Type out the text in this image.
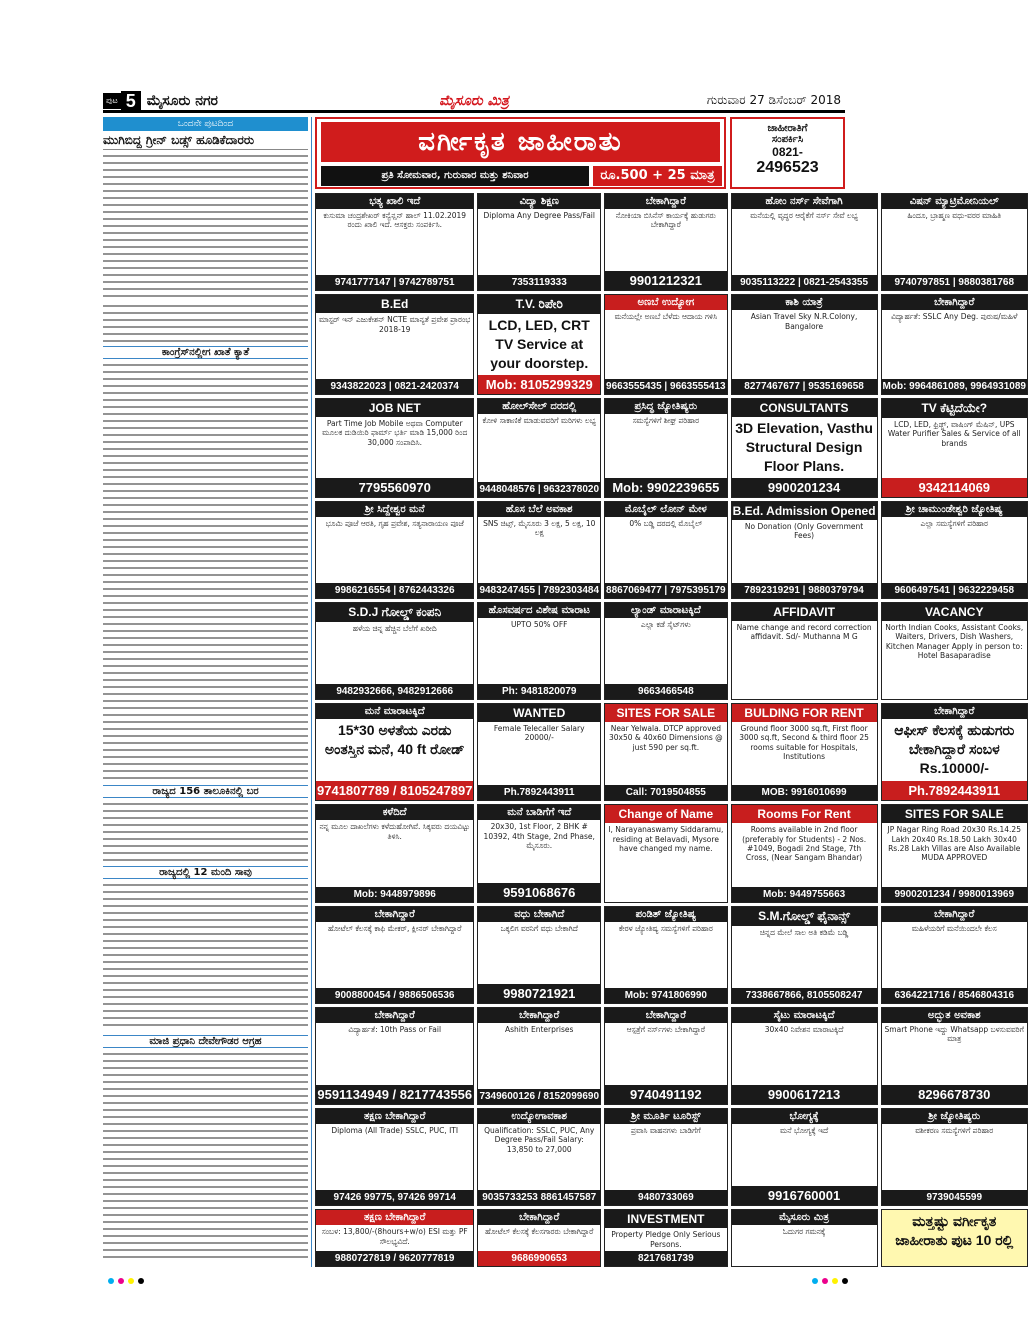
ಪುಟ 5 ಮೈಸೂರು ನಗರ	ಮೈಸೂರು ಮಿತ್ರ	ಗುರುವಾರ 27 ಡಿಸೆಂಬರ್ 2018
ಒಂದನೇ ಪುಟದಿಂದ
ಮುಗಿಬಿದ್ದ ಗ್ರೀನ್ ಬಡ್ಸ್ ಹೂಡಿಕೆದಾರರು
ಕಾಂಗ್ರೆಸ್‌ನಲ್ಲೀಗ ಖಾತೆ ಕ್ಯಾತೆ
ರಾಜ್ಯದ 156 ತಾಲೂಕಿನಲ್ಲಿ ಬರ
ರಾಜ್ಯದಲ್ಲಿ 12 ಮಂದಿ ಸಾವು
ಮಾಜಿ ಪ್ರಧಾನಿ ದೇವೇಗೌಡರ ಆಗ್ರಹ
ವರ್ಗೀಕೃತ ಜಾಹೀರಾತು
ಪ್ರತಿ ಸೋಮವಾರ, ಗುರುವಾರ ಮತ್ತು ಶನಿವಾರ	ರೂ.500 + 25 ಮಾತ್ರ
ಜಾಹೀರಾತಿಗೆ
ಸಂಪರ್ಕಿಸಿ
0821-
2496523
ಭತ್ಯ ಖಾಲಿ ಇದೆ
ಕುಸುಮಾ ಚಂದ್ರಶೇಖರ್ ಕನ್ವೆನ್ಷನ್ ಹಾಲ್ 11.02.2019 ರಂದು ಖಾಲಿ ಇದೆ. ಆಸಕ್ತರು ಸಂಪರ್ಕಿಸಿ.
9741777147 | 9742789751
ವಿದ್ಯಾ ಶಿಕ್ಷಣ
Diploma Any Degree Pass/Fail
7353119333
ಬೇಕಾಗಿದ್ದಾರೆ
ನೋಕಿಯಾ ಬಿಸಿನೆಸ್ ಕಾರ್ಯಕ್ಕೆ ಹುಡುಗರು ಬೇಕಾಗಿದ್ದಾರೆ
9901212321
ಹೋಂ ನರ್ಸ್ ಸೇವೆಗಾಗಿ
ಮನೆಯಲ್ಲಿ ವೃದ್ಧರ ಆರೈಕೆಗೆ ನರ್ಸ್ ಸೇವೆ ಲಭ್ಯ
9035113222 | 0821-2543355
ವಿಷನ್ ಮ್ಯಾಟ್ರಿಮೋನಿಯಲ್
ಹಿಂದೂ, ಬ್ರಾಹ್ಮಣ ವಧು-ವರರ ಮಾಹಿತಿ
9740797851 | 9880381768
B.Ed
ಮಾಸ್ಟರ್ ಇನ್ ಎಜುಕೇಶನ್ NCTE ಮಾನ್ಯತೆ ಪ್ರವೇಶ ಪ್ರಾರಂಭ 2018-19
9343822023 | 0821-2420374
T.V. ರಿಪೇರಿ
LCD, LED, CRT TV Service at your doorstep.
Mob: 8105299329
ಅಣಬೆ ಉದ್ಯೋಗ
ಮನೆಯಲ್ಲೇ ಅಣಬೆ ಬೆಳೆದು ಆದಾಯ ಗಳಿಸಿ
9663555435 | 9663555413
ಕಾಶಿ ಯಾತ್ರೆ
Asian Travel Sky N.R.Colony, Bangalore
8277467677 | 9535169658
ಬೇಕಾಗಿದ್ದಾರೆ
ವಿದ್ಯಾರ್ಹತೆ: SSLC Any Deg. ಪುರುಷ/ಮಹಿಳೆ
Mob: 9964861089, 9964931089
JOB NET
Part Time Job Mobile ಅಥವಾ Computer ಮೂಲಕ ದುಡಿಯಿರಿ ಫಾರ್ಮ್ ಭರ್ತಿ ಮಾಡಿ 15,000 ರಿಂದ 30,000 ಸಂಪಾದಿಸಿ.
7795560970
ಹೋಲ್‌ಸೇಲ್ ದರದಲ್ಲಿ
ಕೋಳಿ ಸಾಕಾಣಿಕೆ ಮಾಡುವವರಿಗೆ ಮರಿಗಳು ಲಭ್ಯ
9448048576 | 9632378020
ಪ್ರಸಿದ್ಧ ಜ್ಯೋತಿಷ್ಯರು
ಸಮಸ್ಯೆಗಳಿಗೆ ಶೀಘ್ರ ಪರಿಹಾರ
Mob: 9902239655
CONSULTANTS
3D Elevation, Vasthu Structural Design Floor Plans.
9900201234
TV ಕೆಟ್ಟಿದೆಯೇ?
LCD, LED, ಫ್ರಿಡ್ಜ್, ವಾಷಿಂಗ್ ಮೆಷಿನ್, UPS Water Purifier Sales & Service of all brands
9342114069
ಶ್ರೀ ಸಿದ್ದೇಶ್ವರ ಮನೆ
ಭೂಮಿ ಪೂಜೆ ಆರತಿ, ಗೃಹ ಪ್ರವೇಶ, ಸತ್ಯನಾರಾಯಣ ಪೂಜೆ
9986216554 | 8762443326
ಹೊಸ ಬೆಲೆ ಅವಕಾಶ
SNS ಚಿಟ್ಸ್, ಮೈಸೂರು 3 ಲಕ್ಷ, 5 ಲಕ್ಷ, 10 ಲಕ್ಷ
9483247455 | 7892303484
ಮೊಬೈಲ್ ಲೋನ್ ಮೇಳ
0% ಬಡ್ಡಿ ದರದಲ್ಲಿ ಮೊಬೈಲ್
8867069477 | 7975395179
B.Ed. Admission Opened
No Donation (Only Government Fees)
7892319291 | 9880379794
ಶ್ರೀ ಚಾಮುಂಡೇಶ್ವರಿ ಜ್ಯೋತಿಷ್ಯ
ಎಲ್ಲಾ ಸಮಸ್ಯೆಗಳಿಗೆ ಪರಿಹಾರ
9606497541 | 9632229458
S.D.J ಗೋಲ್ಡ್ ಕಂಪನಿ
ಹಳೆಯ ಚಿನ್ನ ಹೆಚ್ಚಿನ ಬೆಲೆಗೆ ಖರೀದಿ
9482932666, 9482912666
ಹೊಸವರ್ಷದ ವಿಶೇಷ ಮಾರಾಟ
UPTO 50% OFF
Ph: 9481820079
ಲ್ಯಾಂಡ್ ಮಾರಾಟಕ್ಕಿದೆ
ಎಲ್ಲಾ ಕಡೆ ಸೈಟ್‌ಗಳು
9663466548
AFFIDAVIT
Name change and record correction affidavit. Sd/- Muthanna M G
VACANCY
North Indian Cooks, Assistant Cooks, Waiters, Drivers, Dish Washers, Kitchen Manager Apply in person to: Hotel Basaparadise
ಮನೆ ಮಾರಾಟಕ್ಕಿದೆ
15*30 ಅಳತೆಯ ಎರಡು ಅಂತಸ್ತಿನ ಮನೆ, 40 ft ರೋಡ್
9741807789 / 8105247897
WANTED
Female Telecaller Salary 20000/-
Ph.7892443911
SITES FOR SALE
Near Yelwala. DTCP approved 30x50 & 40x60 Dimensions @ just 590 per sq.ft.
Call: 7019504855
BULDING FOR RENT
Ground floor 3000 sq.ft, First floor 3000 sq.ft, Second & third floor 25 rooms suitable for Hospitals, Institutions
MOB: 9916010699
ಬೇಕಾಗಿದ್ದಾರೆ
ಆಫೀಸ್ ಕೆಲಸಕ್ಕೆ ಹುಡುಗರು ಬೇಕಾಗಿದ್ದಾರೆ ಸಂಬಳ Rs.10000/-
Ph.7892443911
ಕಳೆದಿದೆ
ನನ್ನ ಮೂಲ ದಾಖಲೆಗಳು ಕಳೆದುಹೋಗಿವೆ. ಸಿಕ್ಕವರು ದಯವಿಟ್ಟು ತಿಳಿಸಿ.
Mob: 9448979896
ಮನೆ ಬಾಡಿಗೆಗೆ ಇದೆ
20x30, 1st Floor, 2 BHK # 10392, 4th Stage, 2nd Phase, ಮೈಸೂರು.
9591068676
Change of Name
I, Narayanaswamy Siddaramu, residing at Belavadi, Mysore have changed my name.
Rooms For Rent
Rooms available in 2nd floor (preferably for Students) - 2 Nos. #1049, Bogadi 2nd Stage, 7th Cross, (Near Sangam Bhandar)
Mob: 9449755663
SITES FOR SALE
JP Nagar Ring Road 20x30 Rs.14.25 Lakh 20x40 Rs.18.50 Lakh 30x40 Rs.28 Lakh Villas are Also Available MUDA APPROVED
9900201234 / 9980013969
ಬೇಕಾಗಿದ್ದಾರೆ
ಹೋಟೆಲ್ ಕೆಲಸಕ್ಕೆ ಕಾಫಿ ಮೇಕರ್, ಕ್ಲೀನರ್ ಬೇಕಾಗಿದ್ದಾರೆ
9008800454 / 9886506536
ವಧು ಬೇಕಾಗಿದೆ
ಒಕ್ಕಲಿಗ ವರನಿಗೆ ವಧು ಬೇಕಾಗಿದೆ
9980721921
ಪಂಡಿತ್ ಜ್ಯೋತಿಷ್ಯ
ಕೇರಳ ಜ್ಯೋತಿಷ್ಯ ಸಮಸ್ಯೆಗಳಿಗೆ ಪರಿಹಾರ
Mob: 9741806990
S.M.ಗೋಲ್ಡ್ ಫೈನಾನ್ಸ್
ಚಿನ್ನದ ಮೇಲೆ ಸಾಲ ಅತಿ ಕಡಿಮೆ ಬಡ್ಡಿ
7338667866, 8105508247
ಬೇಕಾಗಿದ್ದಾರೆ
ಮಹಿಳೆಯರಿಗೆ ಮನೆಯಿಂದಲೇ ಕೆಲಸ
6364221716 / 8546804316
ಬೇಕಾಗಿದ್ದಾರೆ
ವಿದ್ಯಾರ್ಹತೆ: 10th Pass or Fail
9591134949 / 8217743556
ಬೇಕಾಗಿದ್ದಾರೆ
Ashith Enterprises
7349600126 / 8152099690
ಬೇಕಾಗಿದ್ದಾರೆ
ಆಸ್ಪತ್ರೆಗೆ ನರ್ಸ್‌ಗಳು ಬೇಕಾಗಿದ್ದಾರೆ
9740491192
ಸೈಟು ಮಾರಾಟಕ್ಕಿದೆ
30x40 ನಿವೇಶನ ಮಾರಾಟಕ್ಕಿದೆ
9900617213
ಅದ್ಭುತ ಅವಕಾಶ
Smart Phone ಇದ್ದು Whatsapp ಬಳಸುವವರಿಗೆ ಮಾತ್ರ
8296678730
ತಕ್ಷಣ ಬೇಕಾಗಿದ್ದಾರೆ
Diploma (All Trade) SSLC, PUC, ITI
97426 99775, 97426 99714
ಉದ್ಯೋಗಾವಕಾಶ
Qualification: SSLC, PUC, Any Degree Pass/Fail Salary: 13,850 to 27,000
9035733253 8861457587
ಶ್ರೀ ಮೂರ್ತಿ ಟೂರಿಸ್ಟ್
ಪ್ರವಾಸಿ ವಾಹನಗಳು ಬಾಡಿಗೆಗೆ
9480733069
ಭೋಗ್ಯಕ್ಕೆ
ಮನೆ ಭೋಗ್ಯಕ್ಕೆ ಇದೆ
9916760001
ಶ್ರೀ ಜ್ಯೋತಿಷ್ಯರು
ವಶೀಕರಣ ಸಮಸ್ಯೆಗಳಿಗೆ ಪರಿಹಾರ
9739045599
ತಕ್ಷಣ ಬೇಕಾಗಿದ್ದಾರೆ
ಸಂಬಳ: 13,800/-(8hours+w/o) ESI ಮತ್ತು PF ಸೌಲಭ್ಯವಿದೆ.
9880727819 / 9620777819
ಬೇಕಾಗಿದ್ದಾರೆ
ಹೋಟೆಲ್ ಕೆಲಸಕ್ಕೆ ಕೆಲಸಗಾರರು ಬೇಕಾಗಿದ್ದಾರೆ
9686990653
INVESTMENT
Property Pledge Only Serious Persons.
8217681739
ಮೈಸೂರು ಮಿತ್ರ
ಓದುಗರ ಗಮನಕ್ಕೆ
ಮತ್ತಷ್ಟು ವರ್ಗೀಕೃತ ಜಾಹೀರಾತು ಪುಟ 10 ರಲ್ಲಿ
